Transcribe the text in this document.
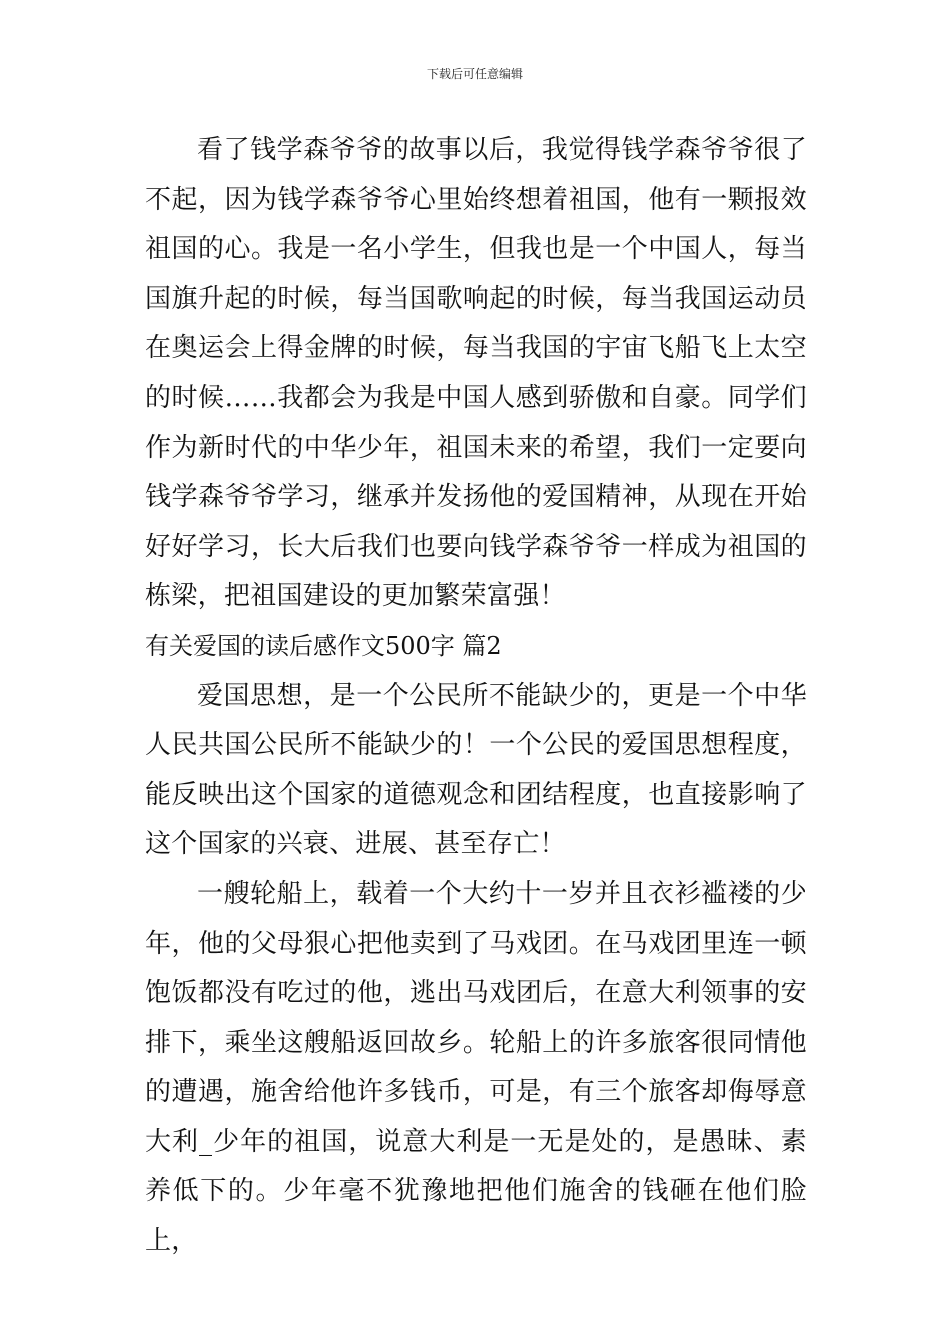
下载后可任意编辑

看了钱学森爷爷的故事以后，我觉得钱学森爷爷很了不起，因为钱学森爷爷心里始终想着祖国，他有一颗报效祖国的心。我是一名小学生，但我也是一个中国人，每当国旗升起的时候，每当国歌响起的时候，每当我国运动员在奥运会上得金牌的时候，每当我国的宇宙飞船飞上太空的时候……我都会为我是中国人感到骄傲和自豪。同学们作为新时代的中华少年，祖国未来的希望，我们一定要向钱学森爷爷学习，继承并发扬他的爱国精神，从现在开始好好学习，长大后我们也要向钱学森爷爷一样成为祖国的栋梁，把祖国建设的更加繁荣富强！

有关爱国的读后感作文500字 篇2

爱国思想，是一个公民所不能缺少的，更是一个中华人民共国公民所不能缺少的！一个公民的爱国思想程度，能反映出这个国家的道德观念和团结程度，也直接影响了这个国家的兴衰、进展、甚至存亡！

一艘轮船上，载着一个大约十一岁并且衣衫褴褛的少年，他的父母狠心把他卖到了马戏团。在马戏团里连一顿饱饭都没有吃过的他，逃出马戏团后，在意大利领事的安排下，乘坐这艘船返回故乡。轮船上的许多旅客很同情他的遭遇，施舍给他许多钱币，可是，有三个旅客却侮辱意大利_少年的祖国，说意大利是一无是处的，是愚昧、素养低下的。少年毫不犹豫地把他们施舍的钱砸在他们脸上，
